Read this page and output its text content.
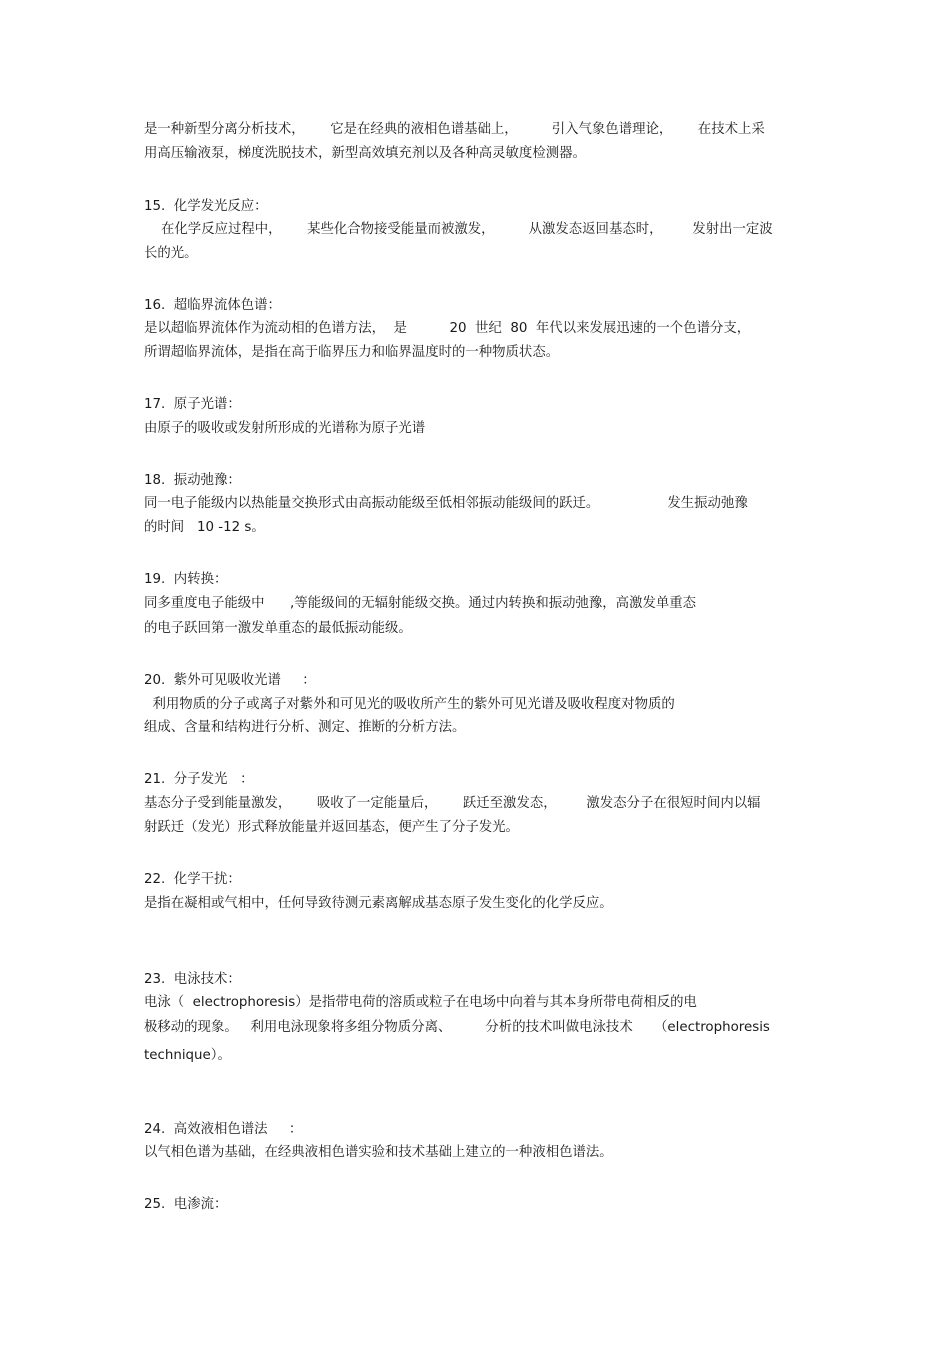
是一种新型分离分析技术，      它是在经典的液相色谱基础上，        引入气象色谱理论，      在技术上采

用高压输液泵，梯度洗脱技术，新型高效填充剂以及各种高灵敏度检测器。

15.  化学发光反应：

在化学反应过程中，      某些化合物接受能量而被激发，        从激发态返回基态时，       发射出一定波

长的光。

16.  超临界流体色谱：

是以超临界流体作为流动相的色谱方法，  是          20  世纪  80  年代以来发展迅速的一个色谱分支，

所谓超临界流体，是指在高于临界压力和临界温度时的一种物质状态。

17.  原子光谱：

由原子的吸收或发射所形成的光谱称为原子光谱

18.  振动弛豫：

同一电子能级内以热能量交换形式由高振动能级至低相邻振动能级间的跃迁。                发生振动弛豫

的时间   10 -12 s。

19.  内转换：

同多重度电子能级中      ,等能级间的无辐射能级交换。通过内转换和振动弛豫，高激发单重态

的电子跃回第一激发单重态的最低振动能级。

20.  紫外可见吸收光谱     ：

利用物质的分子或离子对紫外和可见光的吸收所产生的紫外可见光谱及吸收程度对物质的

组成、含量和结构进行分析、测定、推断的分析方法。

21.  分子发光   ：

基态分子受到能量激发，      吸收了一定能量后，      跃迁至激发态，       激发态分子在很短时间内以辐

射跃迁（发光）形式释放能量并返回基态，便产生了分子发光。

22.  化学干扰：

是指在凝相或气相中，任何导致待测元素离解成基态原子发生变化的化学反应。

23.  电泳技术：

电泳（  electrophoresis）是指带电荷的溶质或粒子在电场中向着与其本身所带电荷相反的电

极移动的现象。   利用电泳现象将多组分物质分离、        分析的技术叫做电泳技术     （electrophoresis

technique）。

24.  高效液相色谱法     ：

以气相色谱为基础，在经典液相色谱实验和技术基础上建立的一种液相色谱法。

25.  电渗流：
